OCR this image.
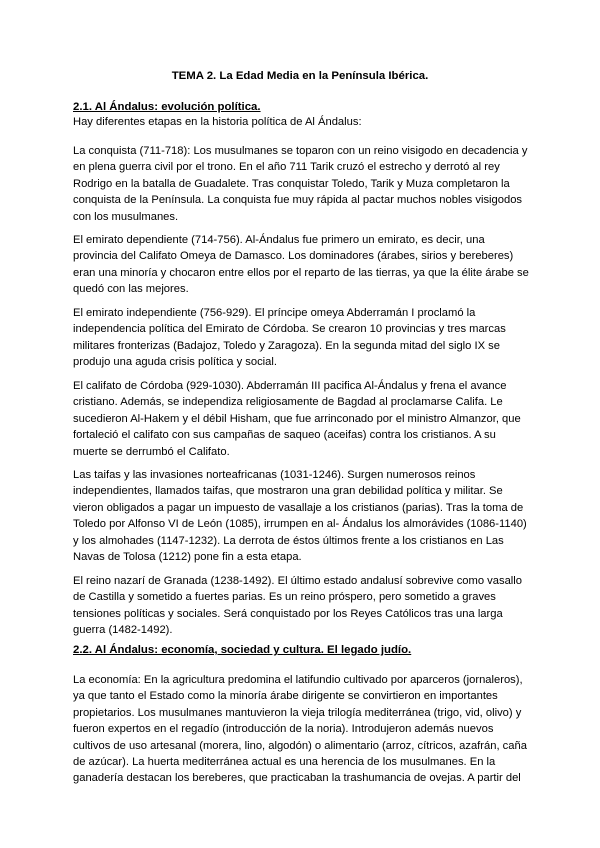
TEMA 2. La Edad Media en la Península Ibérica.
2.1. Al Ándalus: evolución política.

Hay diferentes etapas en la historia política de Al Ándalus:

La conquista (711-718): Los musulmanes se toparon con un reino visigodo en decadencia y en plena guerra civil por el trono. En el año 711 Tarik cruzó el estrecho y derrotó al rey Rodrigo en la batalla de Guadalete. Tras conquistar Toledo, Tarik y Muza completaron la conquista de la Península. La conquista fue muy rápida al pactar muchos nobles visigodos con los musulmanes.

El emirato dependiente (714-756). Al-Ándalus fue primero un emirato, es decir, una provincia del Califato Omeya de Damasco. Los dominadores (árabes, sirios y bereberes) eran una minoría y chocaron entre ellos por el reparto de las tierras, ya que la élite árabe se quedó con las mejores.

El emirato independiente (756-929). El príncipe omeya Abderramán I proclamó la independencia política del Emirato de Córdoba. Se crearon 10 provincias y tres marcas militares fronterizas (Badajoz, Toledo y Zaragoza). En la segunda mitad del siglo IX se produjo una aguda crisis política y social.

El califato de Córdoba (929-1030). Abderramán III pacifica Al-Ándalus y frena el avance cristiano. Además, se independiza religiosamente de Bagdad al proclamarse Califa. Le sucedieron Al-Hakem y el débil Hisham, que fue arrinconado por el ministro Almanzor, que fortaleció el califato con sus campañas de saqueo (aceifas) contra los cristianos. A su muerte se derrumbó el Califato.

Las taifas y las invasiones norteafricanas (1031-1246). Surgen numerosos reinos independientes, llamados taifas, que mostraron una gran debilidad política y militar. Se vieron obligados a pagar un impuesto de vasallaje a los cristianos (parias). Tras la toma de Toledo por Alfonso VI de León (1085), irrumpen en al- Ándalus los almorávides (1086-1140) y los almohades (1147-1232). La derrota de éstos últimos frente a los cristianos en Las Navas de Tolosa (1212) pone fin a esta etapa.

El reino nazarí de Granada (1238-1492). El último estado andalusí sobrevive como vasallo de Castilla y sometido a fuertes parias. Es un reino próspero, pero sometido a graves tensiones políticas y sociales. Será conquistado por los Reyes Católicos tras una larga guerra (1482-1492).

2.2. Al Ándalus: economía, sociedad y cultura. El legado judío.

La economía: En la agricultura predomina el latifundio cultivado por aparceros (jornaleros), ya que tanto el Estado como la minoría árabe dirigente se convirtieron en importantes propietarios. Los musulmanes mantuvieron la vieja trilogía mediterránea (trigo, vid, olivo) y fueron expertos en el regadío (introducción de la noria). Introdujeron además nuevos cultivos de uso artesanal (morera, lino, algodón) o alimentario (arroz, cítricos, azafrán, caña de azúcar). La huerta mediterránea actual es una herencia de los musulmanes. En la ganadería destacan los bereberes, que practicaban la trashumancia de ovejas. A partir del
